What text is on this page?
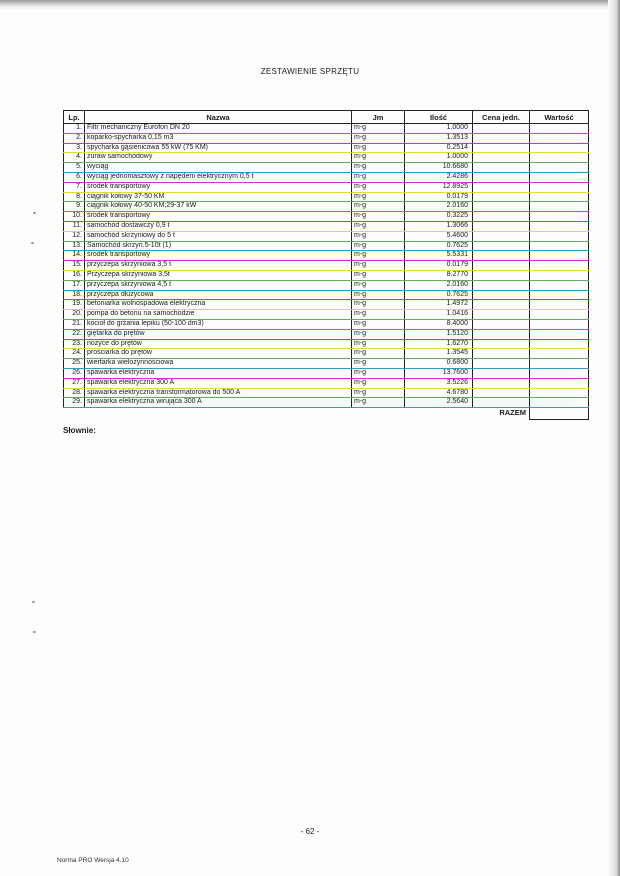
ZESTAWIENIE SPRZĘTU
Lp.	Nazwa	Jm	Ilość	Cena jedn.	Wartość
1.	Filtr mechaniczny Eurofon DN 20	m-g	1.0000		
2.	koparko-spycharka 0,15 m3	m-g	1.3513		
3.	spycharka gąsienicowa 55 kW (75 KM)	m-g	0.2514		
4.	żuraw samochodowy	m-g	1.0000		
5.	wyciąg	m-g	10.6680		
6.	wyciąg jednomasztowy z napędem elektrycznym 0,5 t	m-g	2.4286		
7.	środek transportowy	m-g	12.8925		
8.	ciągnik kołowy 37-50 KM	m-g	0.0179		
9.	ciągnik kołowy 40-50 KM;29-37 kW	m-g	2.0160		
10.	środek transportowy	m-g	0.3225		
11.	samochód dostawczy 0,9 t	m-g	1.3066		
12.	samochód skrzyniowy do 5 t	m-g	5.4600		
13.	Samochód skrzyn.5-10t (1)	m-g	0.7625		
14.	środek transportowy	m-g	5.5331		
15.	przyczepa skrzyniowa 3,5 t	m-g	0.0179		
16.	Przyczepa skrzyniowa 3,5t	m-g	8.2770		
17.	przyczepa skrzyniowa 4,5 t	m-g	2.0160		
18.	przyczepa dłużycowa	m-g	0.7625		
19.	betoniarka wolnospadowa elektryczna	m-g	1.4972		
20.	pompa do betonu na samochodzie	m-g	1.0416		
21.	kocioł do grzania lepiku (50-100 dm3)	m-g	8.4000		
22.	giętarka do prętów	m-g	1.5120		
23.	nożyce do prętów	m-g	1.6270		
24.	prościarka do prętów	m-g	1.3545		
25.	wiertarka wielozynnościowa	m-g	0.6800		
26.	spawarka elektryczna	m-g	13.7600		
27.	spawarka elektryczna 300 A	m-g	3.5226		
28.	spawarka elektryczna transformatorowa do 500 A	m-g	4.6780		
29.	spawarka elektryczna wirująca 300 A	m-g	2.5640		
RAZEM					
Słownie:
- 62 -
Norma PRO Wersja 4.10
